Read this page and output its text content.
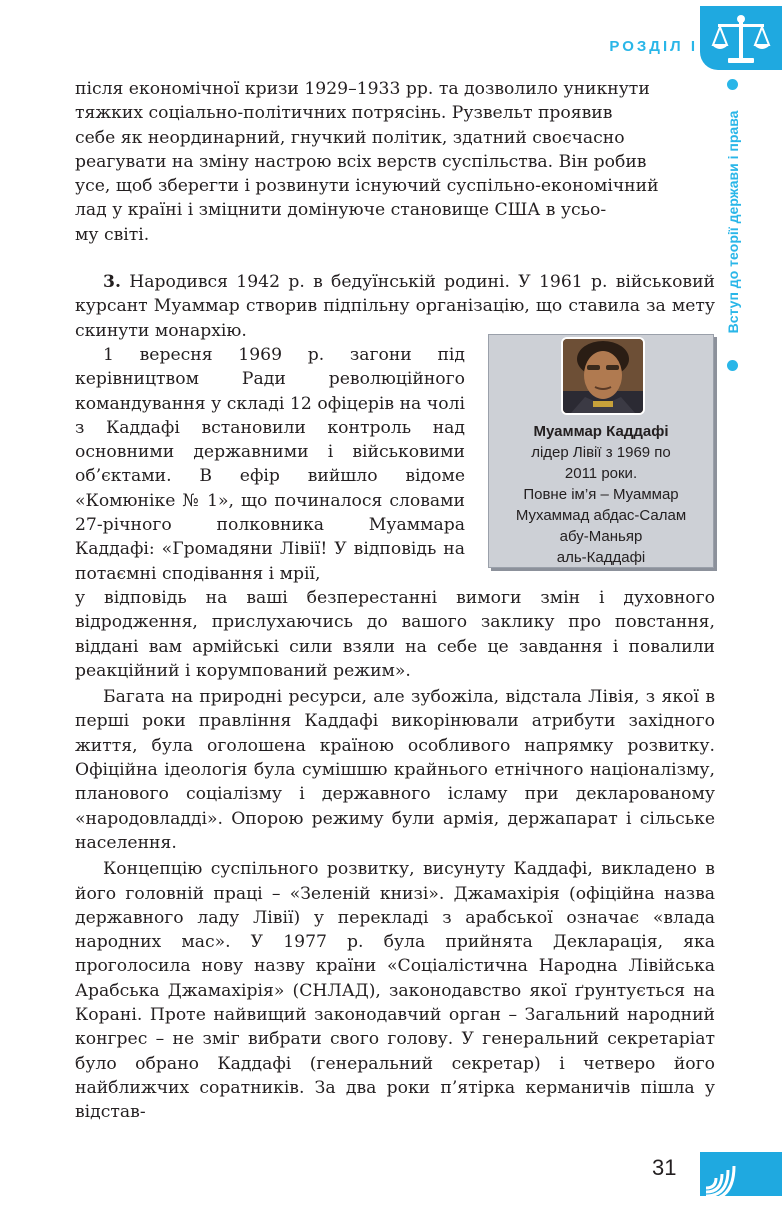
РОЗДІЛ І
Вступ до теорії держави і права

після економічної кризи 1929–1933 рр. та дозволило уникнути

тяжких соціально-політичних потрясінь. Рузвельт проявив

себе як неординарний, гнучкий політик, здатний своєчасно

реагувати на зміну настрою всіх верств суспільства. Він робив

усе, щоб зберегти і розвинути існуючий суспільно-економічний

лад у країні і зміцнити домінуюче становище США в усьо-

му світі.

3. Народився 1942 р. в бедуїнській родині. У 1961 р. військовий курсант Муаммар створив підпільну організацію, що ставила за мету скинути монархію.

1 вересня 1969 р. загони під керівництвом Ради революційного командування у складі 12 офіцерів на чолі з Каддафі встановили контроль над основними державними і військовими об’єктами. В ефір вийшло відоме «Комюніке № 1», що починалося словами 27-річного полковника Муаммара Каддафі: «Громадяни Лівії! У відповідь на потаємні сподівання і мрії,

у відповідь на ваші безперестанні вимоги змін і духовного відродження, прислухаючись до вашого заклику про повстання, віддані вам армійські сили взяли на себе це завдання і повалили реакційний і корумпований режим».

Багата на природні ресурси, але зубожіла, відстала Лівія, з якої в перші роки правління Каддафі викорінювали атрибути західного життя, була оголошена країною особливого напрямку розвитку. Офіційна ідеологія була сумішшю крайнього етнічного націоналізму, планового соціалізму і державного ісламу при декларованому «народовладді». Опорою режиму були армія, держапарат і сільське населення.

Концепцію суспільного розвитку, висунуту Каддафі, викладено в його головній праці – «Зеленій книзі». Джамахірія (офіційна назва державного ладу Лівії) у перекладі з арабської означає «влада народних мас». У 1977 р. була прийнята Декларація, яка проголосила нову назву країни «Соціалістична Народна Лівійська Арабська Джамахірія» (СНЛАД), законодавство якої ґрунтується на Корані. Проте найвищий законодавчий орган – Загальний народний конгрес – не зміг вибрати свого голову. У генеральний секретаріат було обрано Каддафі (генеральний секретар) і четверо його найближчих соратників. За два роки п’ятірка керманичів пішла у відстав-

Муаммар Каддафі
лідер Лівії з 1969 по
2011 роки.
Повне ім’я – Муаммар
Мухаммад абдас-Салам
абу-Маньяр
аль-Каддафі
31
